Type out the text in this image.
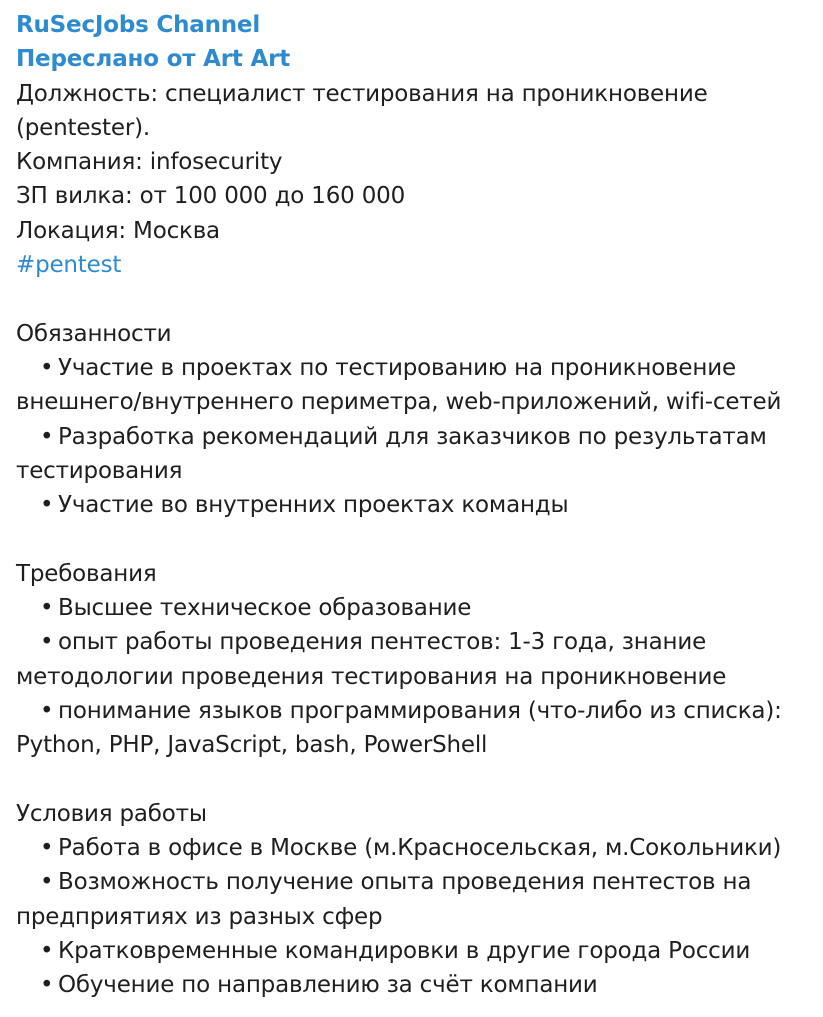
RuSecJobs Channel
Переслано от Art Art
Должность: специалист тестирования на проникновение
(pentester).
Компания: infosecurity
ЗП вилка: от 100 000 до 160 000
Локация: Москва
#pentest
Обязанности
• Участие в проектах по тестированию на проникновение
внешнего/внутреннего периметра, web-приложений, wifi-сетей
• Разработка рекомендаций для заказчиков по результатам
тестирования
• Участие во внутренних проектах команды
Требования
• Высшее техническое образование
• опыт работы проведения пентестов: 1-3 года, знание
методологии проведения тестирования на проникновение
• понимание языков программирования (что-либо из списка):
Python, PHP, JavaScript, bash, PowerShell
Условия работы
• Работа в офисе в Москве (м.Красносельская, м.Сокольники)
• Возможность получение опыта проведения пентестов на
предприятиях из разных сфер
• Кратковременные командировки в другие города России
• Обучение по направлению за счёт компании
